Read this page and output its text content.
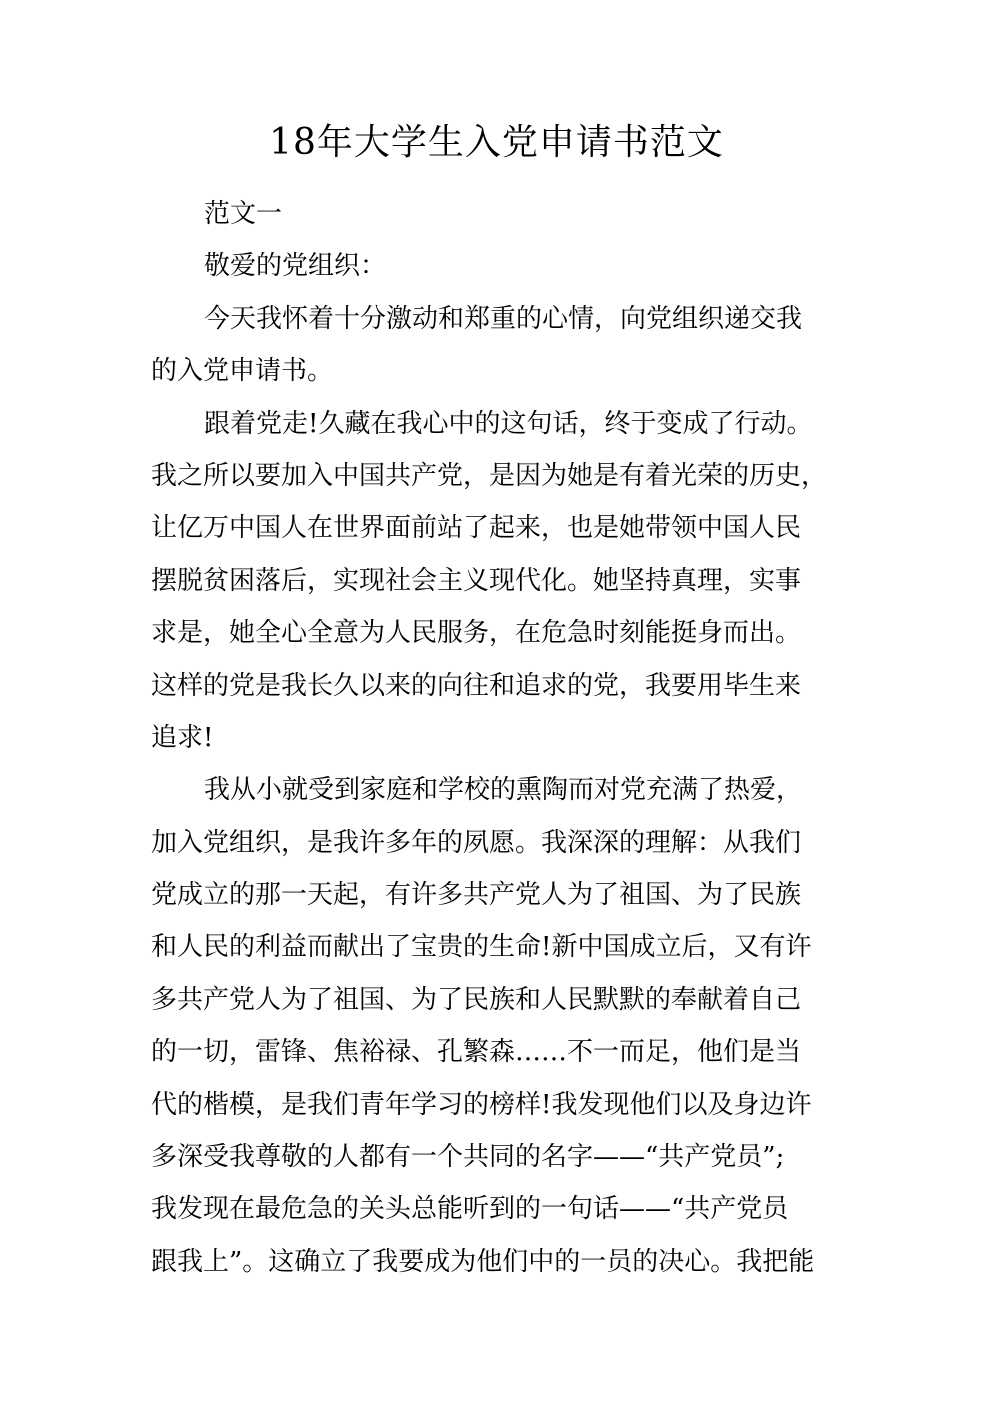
18年大学生入党申请书范文
范文一
敬爱的党组织：
今天我怀着十分激动和郑重的心情，向党组织递交我
的入党申请书。
跟着党走!久藏在我心中的这句话，终于变成了行动。
我之所以要加入中国共产党，是因为她是有着光荣的历史，
让亿万中国人在世界面前站了起来，也是她带领中国人民
摆脱贫困落后，实现社会主义现代化。她坚持真理，实事
求是，她全心全意为人民服务，在危急时刻能挺身而出。
这样的党是我长久以来的向往和追求的党，我要用毕生来
追求!
我从小就受到家庭和学校的熏陶而对党充满了热爱，
加入党组织，是我许多年的夙愿。我深深的理解：从我们
党成立的那一天起，有许多共产党人为了祖国、为了民族
和人民的利益而献出了宝贵的生命!新中国成立后，又有许
多共产党人为了祖国、为了民族和人民默默的奉献着自己
的一切，雷锋、焦裕禄、孔繁森……不一而足，他们是当
代的楷模，是我们青年学习的榜样!我发现他们以及身边许
多深受我尊敬的人都有一个共同的名字——“共产党员”;
我发现在最危急的关头总能听到的一句话——“共产党员
跟我上”。这确立了我要成为他们中的一员的决心。我把能
